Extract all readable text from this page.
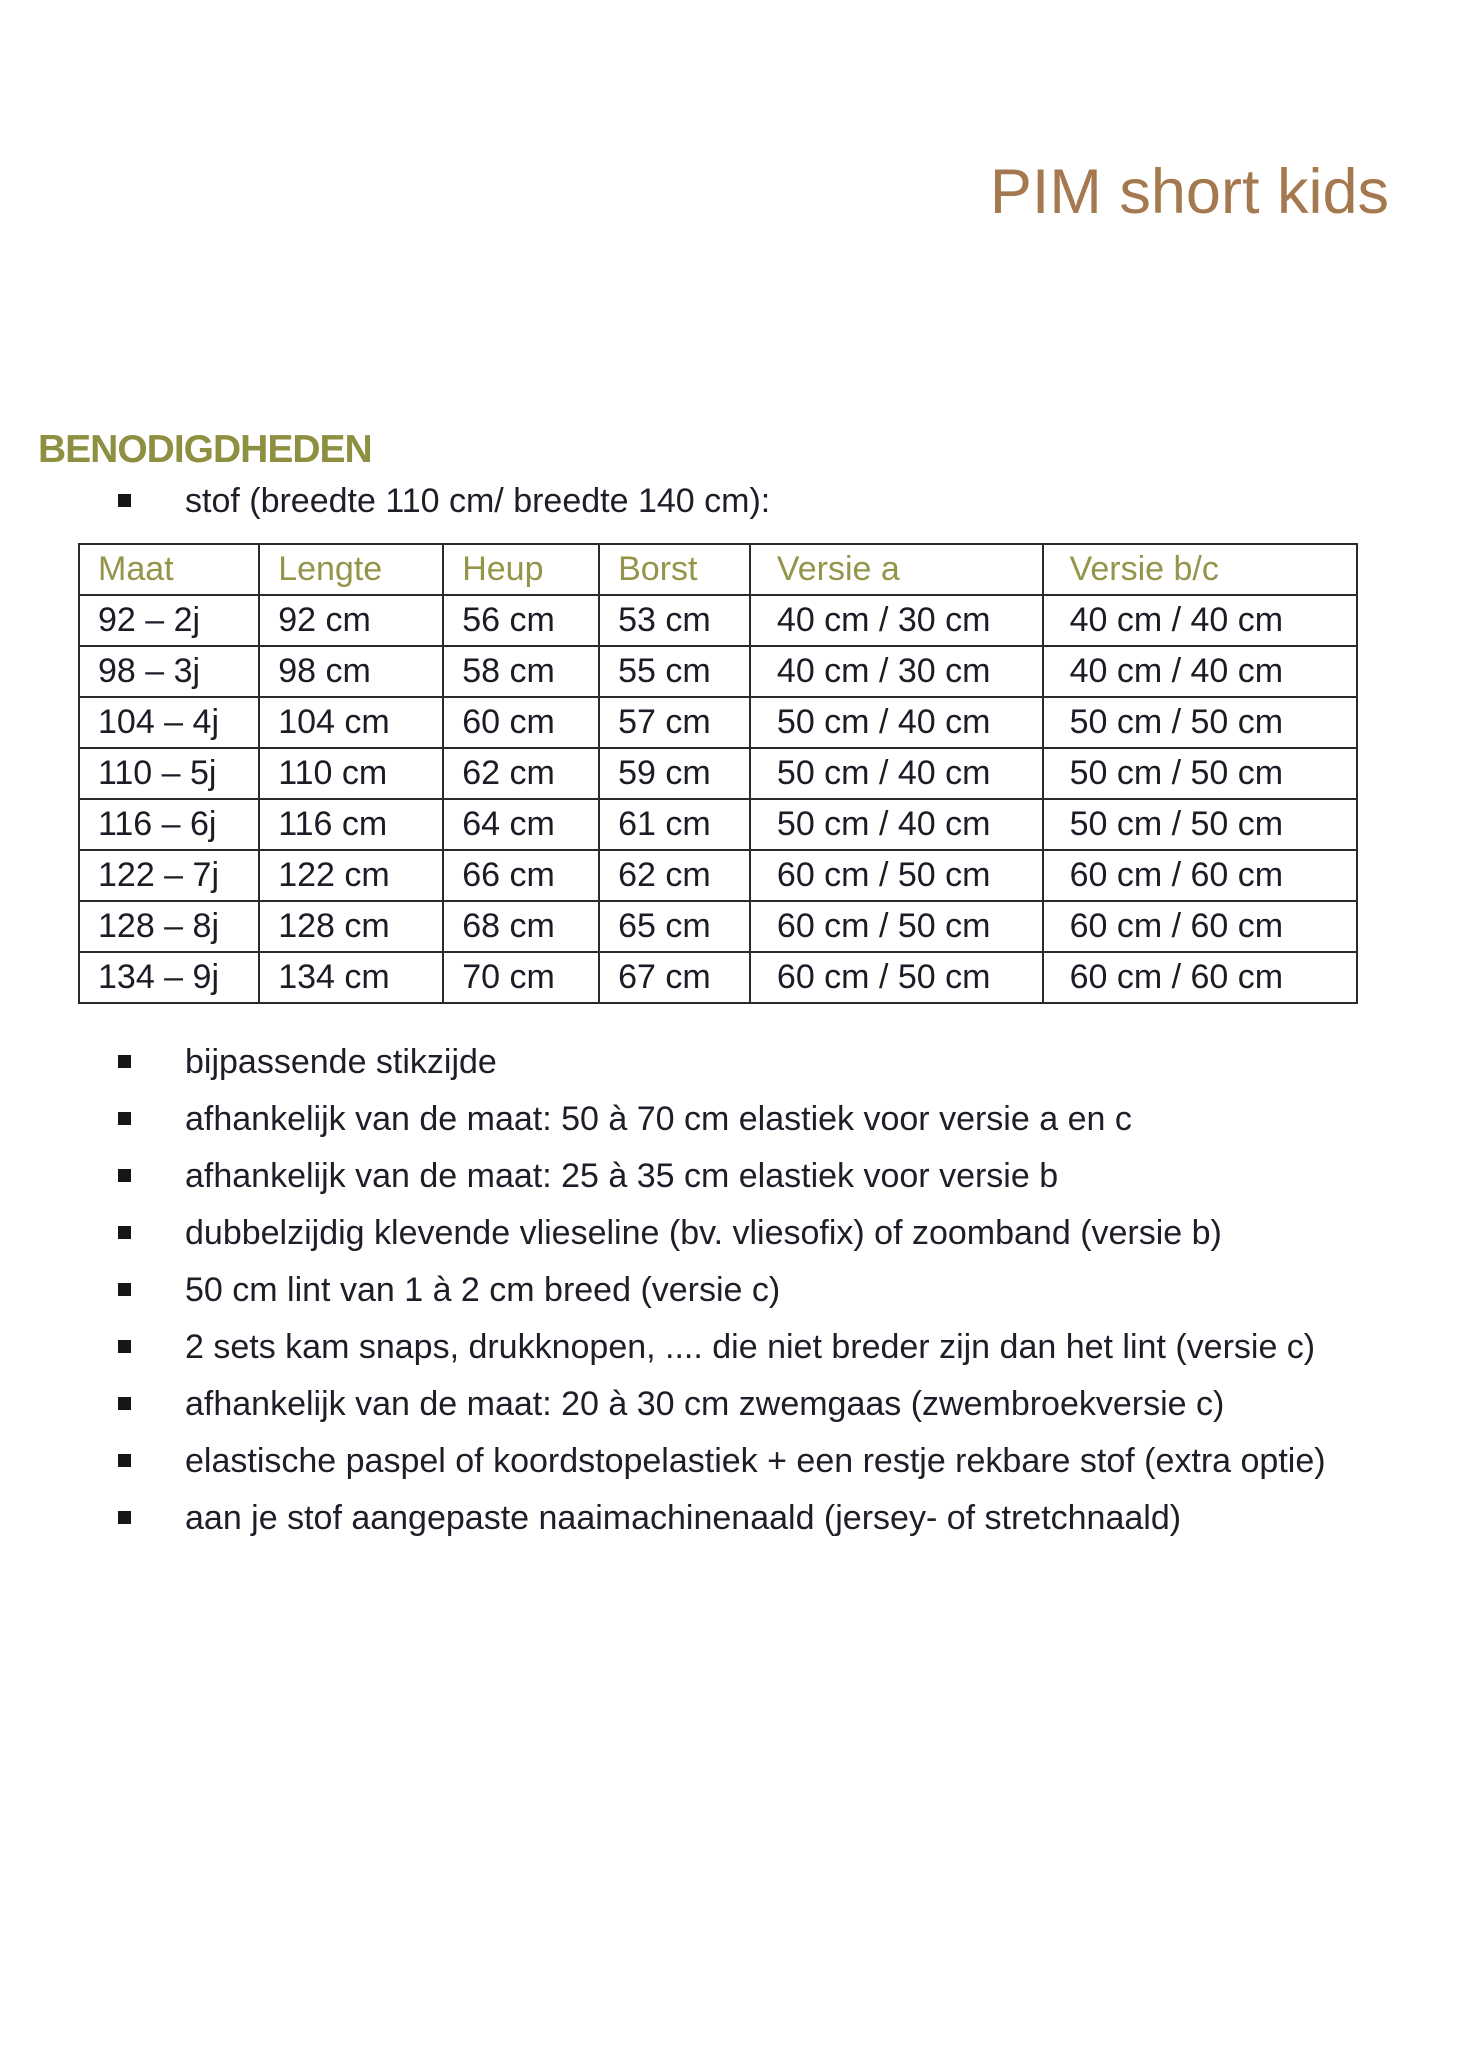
PIM short kids
BENODIGDHEDEN
stof (breedte 110 cm/ breedte 140 cm):
Maat	Lengte	Heup	Borst	Versie a	Versie b/c
92 – 2j	92 cm	56 cm	53 cm	40 cm / 30 cm	40 cm / 40 cm
98 – 3j	98 cm	58 cm	55 cm	40 cm / 30 cm	40 cm / 40 cm
104 – 4j	104 cm	60 cm	57 cm	50 cm / 40 cm	50 cm / 50 cm
110 – 5j	110 cm	62 cm	59 cm	50 cm / 40 cm	50 cm / 50 cm
116 – 6j	116 cm	64 cm	61 cm	50 cm / 40 cm	50 cm / 50 cm
122 – 7j	122 cm	66 cm	62 cm	60 cm / 50 cm	60 cm / 60 cm
128 – 8j	128 cm	68 cm	65 cm	60 cm / 50 cm	60 cm / 60 cm
134 – 9j	134 cm	70 cm	67 cm	60 cm / 50 cm	60 cm / 60 cm
bijpassende stikzijde
afhankelijk van de maat: 50 à 70 cm elastiek voor versie a en c
afhankelijk van de maat: 25 à 35 cm elastiek voor versie b
dubbelzijdig klevende vlieseline (bv. vliesofix) of zoomband (versie b)
50 cm lint van 1 à 2 cm breed (versie c)
2 sets kam snaps, drukknopen, .... die niet breder zijn dan het lint (versie c)
afhankelijk van de maat: 20 à 30 cm zwemgaas (zwembroekversie c)
elastische paspel of koordstopelastiek + een restje rekbare stof (extra optie)
aan je stof aangepaste naaimachinenaald (jersey- of stretchnaald)
